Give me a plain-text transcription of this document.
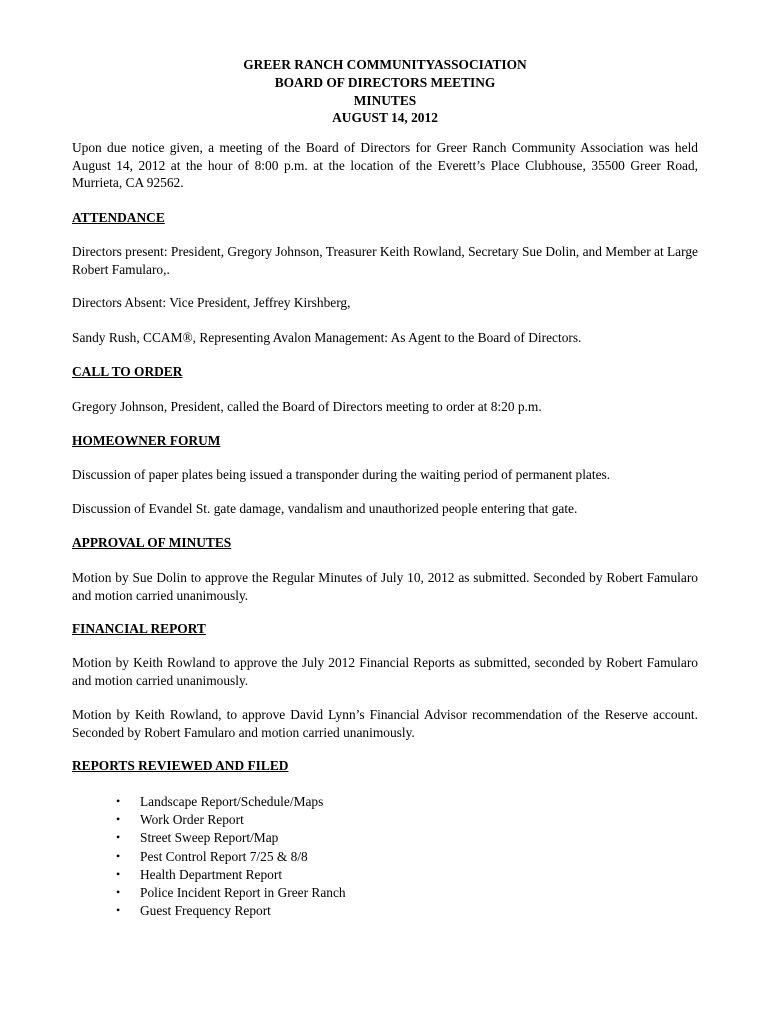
GREER RANCH COMMUNITYASSOCIATION
BOARD OF DIRECTORS MEETING
MINUTES
AUGUST 14, 2012

Upon due notice given, a meeting of the Board of Directors for Greer Ranch Community Association was held August 14, 2012 at the hour of 8:00 p.m. at the location of the Everett’s Place Clubhouse, 35500 Greer Road, Murrieta, CA 92562.

ATTENDANCE

Directors present: President, Gregory Johnson, Treasurer Keith Rowland, Secretary Sue Dolin, and Member at Large Robert Famularo,.

Directors Absent: Vice President, Jeffrey Kirshberg,

Sandy Rush, CCAM®, Representing Avalon Management: As Agent to the Board of Directors.

CALL TO ORDER

Gregory Johnson, President, called the Board of Directors meeting to order at 8:20 p.m.

HOMEOWNER FORUM

Discussion of paper plates being issued a transponder during the waiting period of permanent plates.

Discussion of Evandel St. gate damage, vandalism and unauthorized people entering that gate.

APPROVAL OF MINUTES

Motion by Sue Dolin to approve the Regular Minutes of July 10, 2012 as submitted. Seconded by Robert Famularo and motion carried unanimously.

FINANCIAL REPORT

Motion by Keith Rowland to approve the July 2012 Financial Reports as submitted, seconded by Robert Famularo and motion carried unanimously.

Motion by Keith Rowland, to approve David Lynn’s Financial Advisor recommendation of the Reserve account. Seconded by Robert Famularo and motion carried unanimously.

REPORTS REVIEWED AND FILED

• Landscape Report/Schedule/Maps
• Work Order Report
• Street Sweep Report/Map
• Pest Control Report 7/25 & 8/8
• Health Department Report
• Police Incident Report in Greer Ranch
• Guest Frequency Report
